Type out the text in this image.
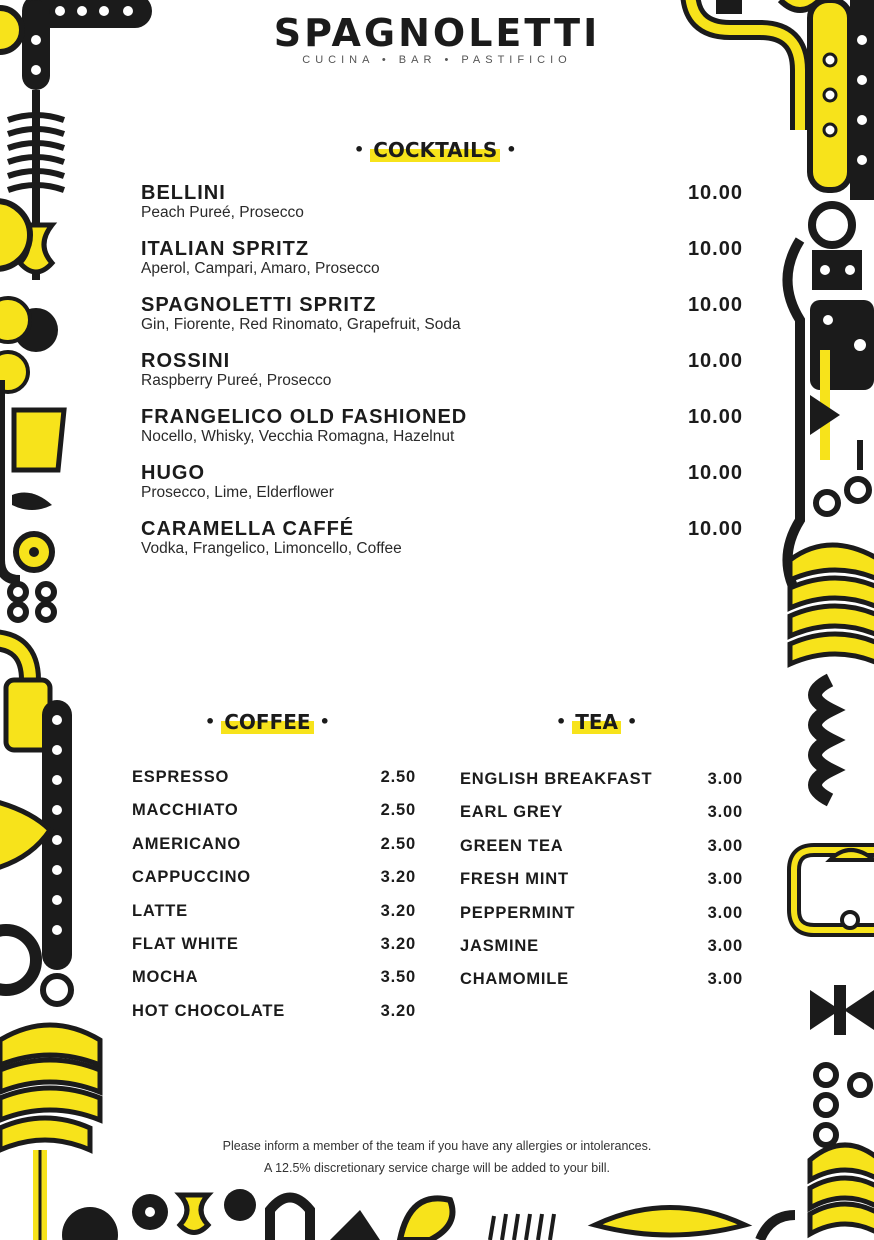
SPAGNOLETTI
CUCINA • BAR • PASTIFICIO
• COCKTAILS •
BELLINI
Peach Pureé, Prosecco
10.00
ITALIAN SPRITZ
Aperol, Campari, Amaro, Prosecco
10.00
SPAGNOLETTI SPRITZ
Gin, Fiorente, Red Rinomato, Grapefruit, Soda
10.00
ROSSINI
Raspberry Pureé, Prosecco
10.00
FRANGELICO OLD FASHIONED
Nocello, Whisky, Vecchia Romagna, Hazelnut
10.00
HUGO
Prosecco, Lime, Elderflower
10.00
CARAMELLA CAFFÉ
Vodka, Frangelico, Limoncello, Coffee
10.00
• COFFEE •	• TEA •
ESPRESSO	2.50
MACCHIATO	2.50
AMERICANO	2.50
CAPPUCCINO	3.20
LATTE	3.20
FLAT WHITE	3.20
MOCHA	3.50
HOT CHOCOLATE	3.20
ENGLISH BREAKFAST	3.00
EARL GREY	3.00
GREEN TEA	3.00
FRESH MINT	3.00
PEPPERMINT	3.00
JASMINE	3.00
CHAMOMILE	3.00
Please inform a member of the team if you have any allergies or intolerances.
A 12.5% discretionary service charge will be added to your bill.
